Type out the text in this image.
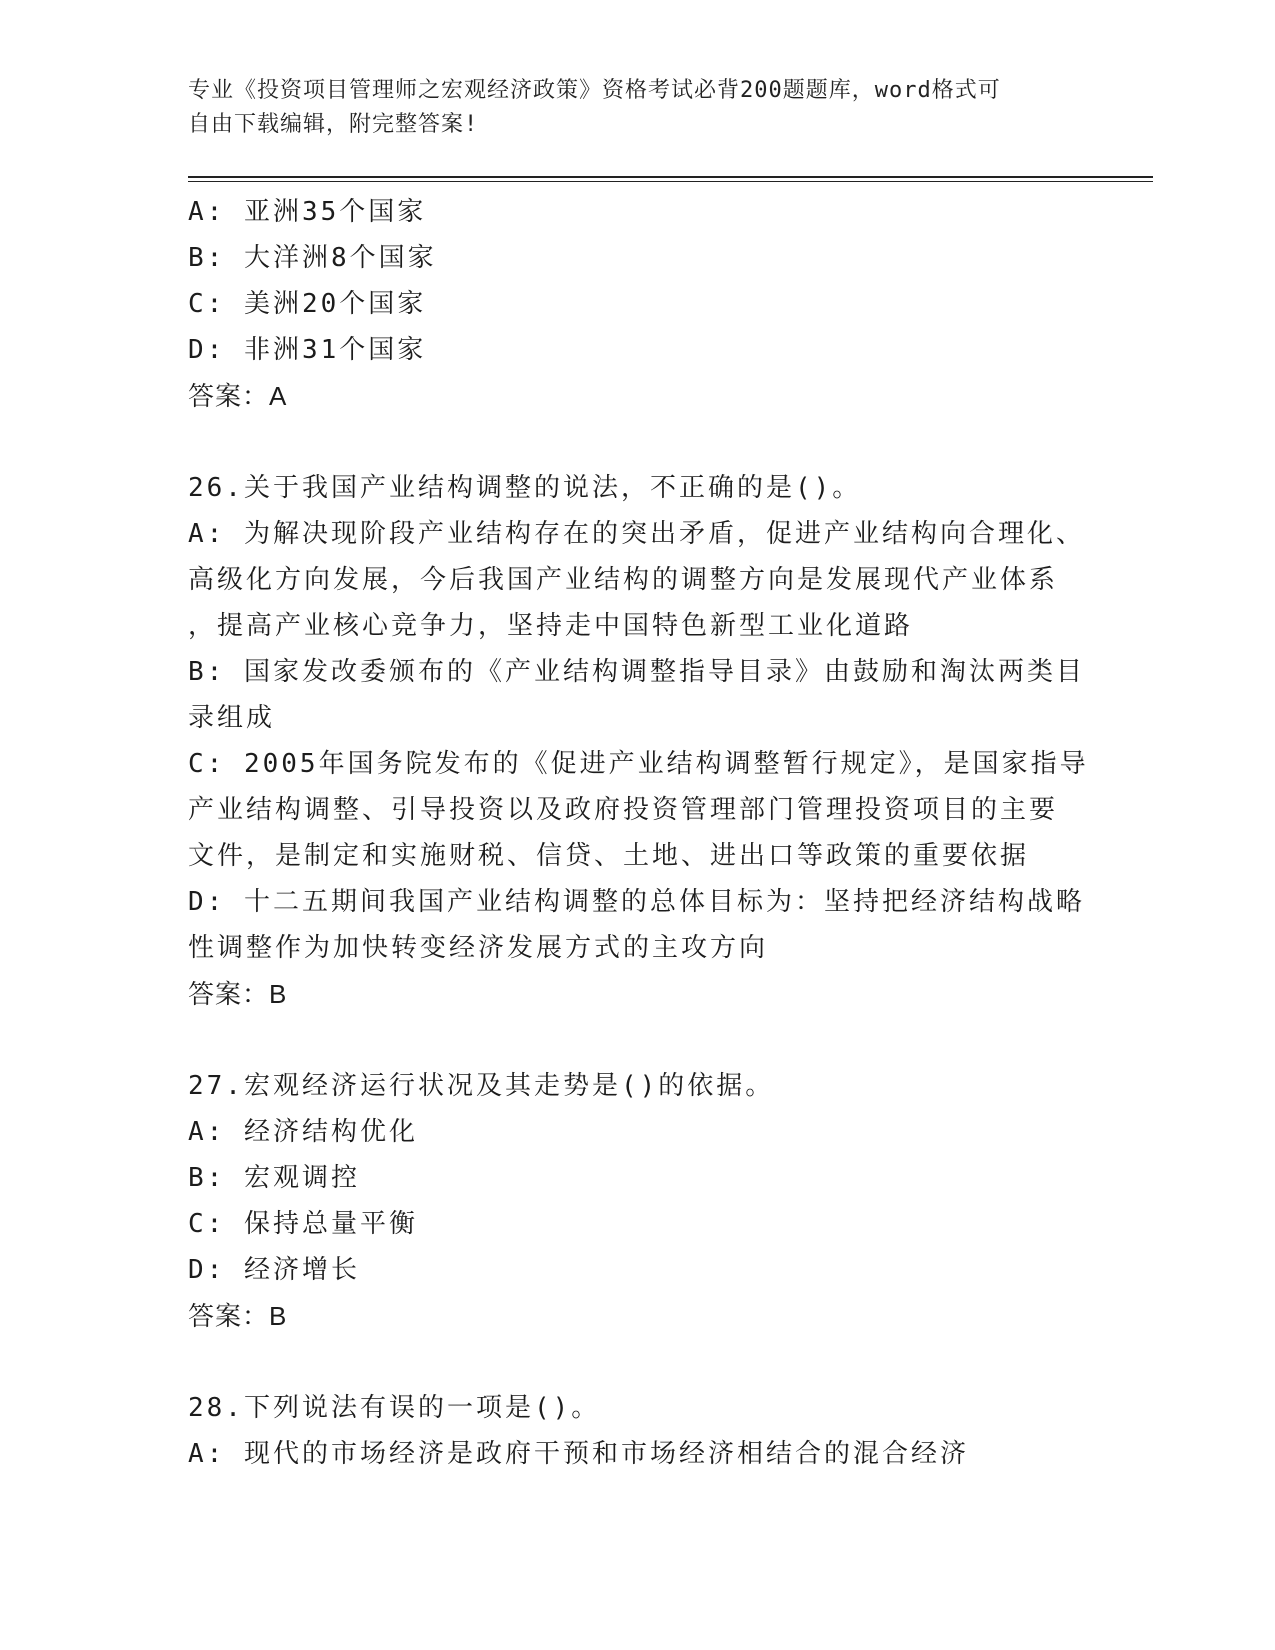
专业《投资项目管理师之宏观经济政策》资格考试必背200题题库，word格式可
自由下载编辑，附完整答案!
A: 亚洲35个国家
B: 大洋洲8个国家
C: 美洲20个国家
D: 非洲31个国家
答案：A
26.关于我国产业结构调整的说法，不正确的是()。
A: 为解决现阶段产业结构存在的突出矛盾，促进产业结构向合理化、
高级化方向发展，今后我国产业结构的调整方向是发展现代产业体系
，提高产业核心竞争力，坚持走中国特色新型工业化道路
B: 国家发改委颁布的《产业结构调整指导目录》由鼓励和淘汰两类目
录组成
C: 2005年国务院发布的《促进产业结构调整暂行规定》，是国家指导
产业结构调整、引导投资以及政府投资管理部门管理投资项目的主要
文件，是制定和实施财税、信贷、土地、进出口等政策的重要依据
D: 十二五期间我国产业结构调整的总体目标为：坚持把经济结构战略
性调整作为加快转变经济发展方式的主攻方向
答案：B
27.宏观经济运行状况及其走势是()的依据。
A: 经济结构优化
B: 宏观调控
C: 保持总量平衡
D: 经济增长
答案：B
28.下列说法有误的一项是()。
A: 现代的市场经济是政府干预和市场经济相结合的混合经济
